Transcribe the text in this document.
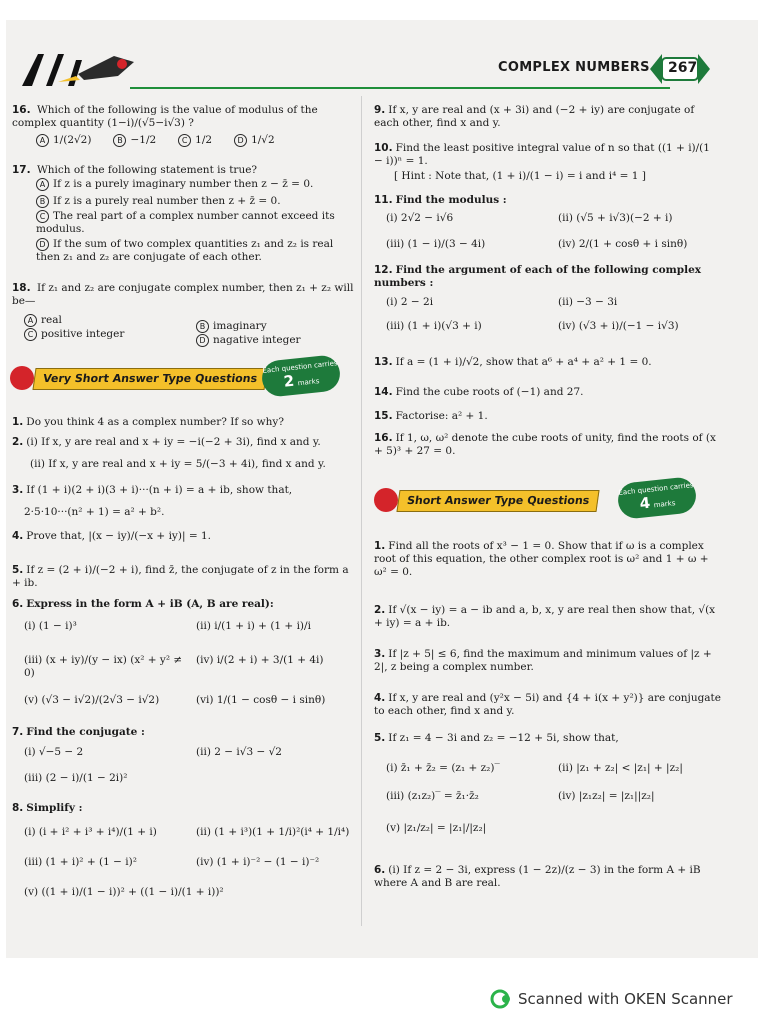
COMPLEX NUMBERS 267
16. Which of the following is the value of modulus of the complex quantity (1−i)/(√5−i√3) ?
A 1/(2√2)	B −1/2	C 1/2	D 1/√2
17. Which of the following statement is true?
A If z is a purely imaginary number then z − z̄ = 0.
B If z is a purely real number then z + z̄ = 0.
C The real part of a complex number cannot exceed its modulus.
D If the sum of two complex quantities z₁ and z₂ is real then z₁ and z₂ are conjugate of each other.
18. If z₁ and z₂ are conjugate complex number, then z₁ + z₂ will be—
A real
B imaginary
C positive integer
D nagative integer
Very Short Answer Type Questions
Each question carries
2 marks
1. Do you think 4 as a complex number? If so why?
2. (i) If x, y are real and x + iy = −i(−2 + 3i), find x and y.
(ii) If x, y are real and x + iy = 5/(−3 + 4i), find x and y.
3. If (1 + i)(2 + i)(3 + i)···(n + i) = a + ib, show that,
2·5·10···(n² + 1) = a² + b².
4. Prove that, |(x − iy)/(−x + iy)| = 1.
5. If z = (2 + i)/(−2 + i), find z̄, the conjugate of z in the form a + ib.
6. Express in the form A + iB (A, B are real):
(i) (1 − i)³	(ii) i/(1 + i) + (1 + i)/i
(iii) (x + iy)/(y − ix) (x² + y² ≠ 0)
(iv) i/(2 + i) + 3/(1 + 4i)
(v) (√3 − i√2)/(2√3 − i√2)	(vi) 1/(1 − cosθ − i sinθ)
7. Find the conjugate :
(i) √−5 − 2	(ii) 2 − i√3 − √2
(iii) (2 − i)/(1 − 2i)²
8. Simplify :
(i) (i + i² + i³ + i⁴)/(1 + i)	(ii) (1 + i³)(1 + 1/i)²(i⁴ + 1/i⁴)
(iii) (1 + i)² + (1 − i)²	(iv) (1 + i)⁻² − (1 − i)⁻²
(v) ((1 + i)/(1 − i))² + ((1 − i)/(1 + i))²
9. If x, y are real and (x + 3i) and (−2 + iy) are conjugate of each other, find x and y.
10. Find the least positive integral value of n so that ((1 + i)/(1 − i))ⁿ = 1.
[ Hint : Note that, (1 + i)/(1 − i) = i and i⁴ = 1 ]
11. Find the modulus :
(i) 2√2 − i√6	(ii) (√5 + i√3)(−2 + i)
(iii) (1 − i)/(3 − 4i)	(iv) 2/(1 + cosθ + i sinθ)
12. Find the argument of each of the following complex numbers :
(i) 2 − 2i	(ii) −3 − 3i
(iii) (1 + i)(√3 + i)	(iv) (√3 + i)/(−1 − i√3)
13. If a = (1 + i)/√2, show that a⁶ + a⁴ + a² + 1 = 0.
14. Find the cube roots of (−1) and 27.
15. Factorise: a² + 1.
16. If 1, ω, ω² denote the cube roots of unity, find the roots of (x + 5)³ + 27 = 0.
Short Answer Type Questions
Each question carries
4 marks
1. Find all the roots of x³ − 1 = 0. Show that if ω is a complex root of this equation, the other complex root is ω² and 1 + ω + ω² = 0.
2. If √(x − iy) = a − ib and a, b, x, y are real then show that, √(x + iy) = a + ib.
3. If |z + 5| ≤ 6, find the maximum and minimum values of |z + 2|, z being a complex number.
4. If x, y are real and (y²x − 5i) and {4 + i(x + y²)} are conjugate to each other, find x and y.
5. If z₁ = 4 − 3i and z₂ = −12 + 5i, show that,
(i) z̄₁ + z̄₂ = (z₁ + z₂)‾	(ii) |z₁ + z₂| < |z₁| + |z₂|
(iii) (z₁z₂)‾ = z̄₁·z̄₂	(iv) |z₁z₂| = |z₁||z₂|
(v) |z₁/z₂| = |z₁|/|z₂|
6. (i) If z = 2 − 3i, express (1 − 2z)/(z − 3) in the form A + iB where A and B are real.
Scanned with OKEN Scanner
